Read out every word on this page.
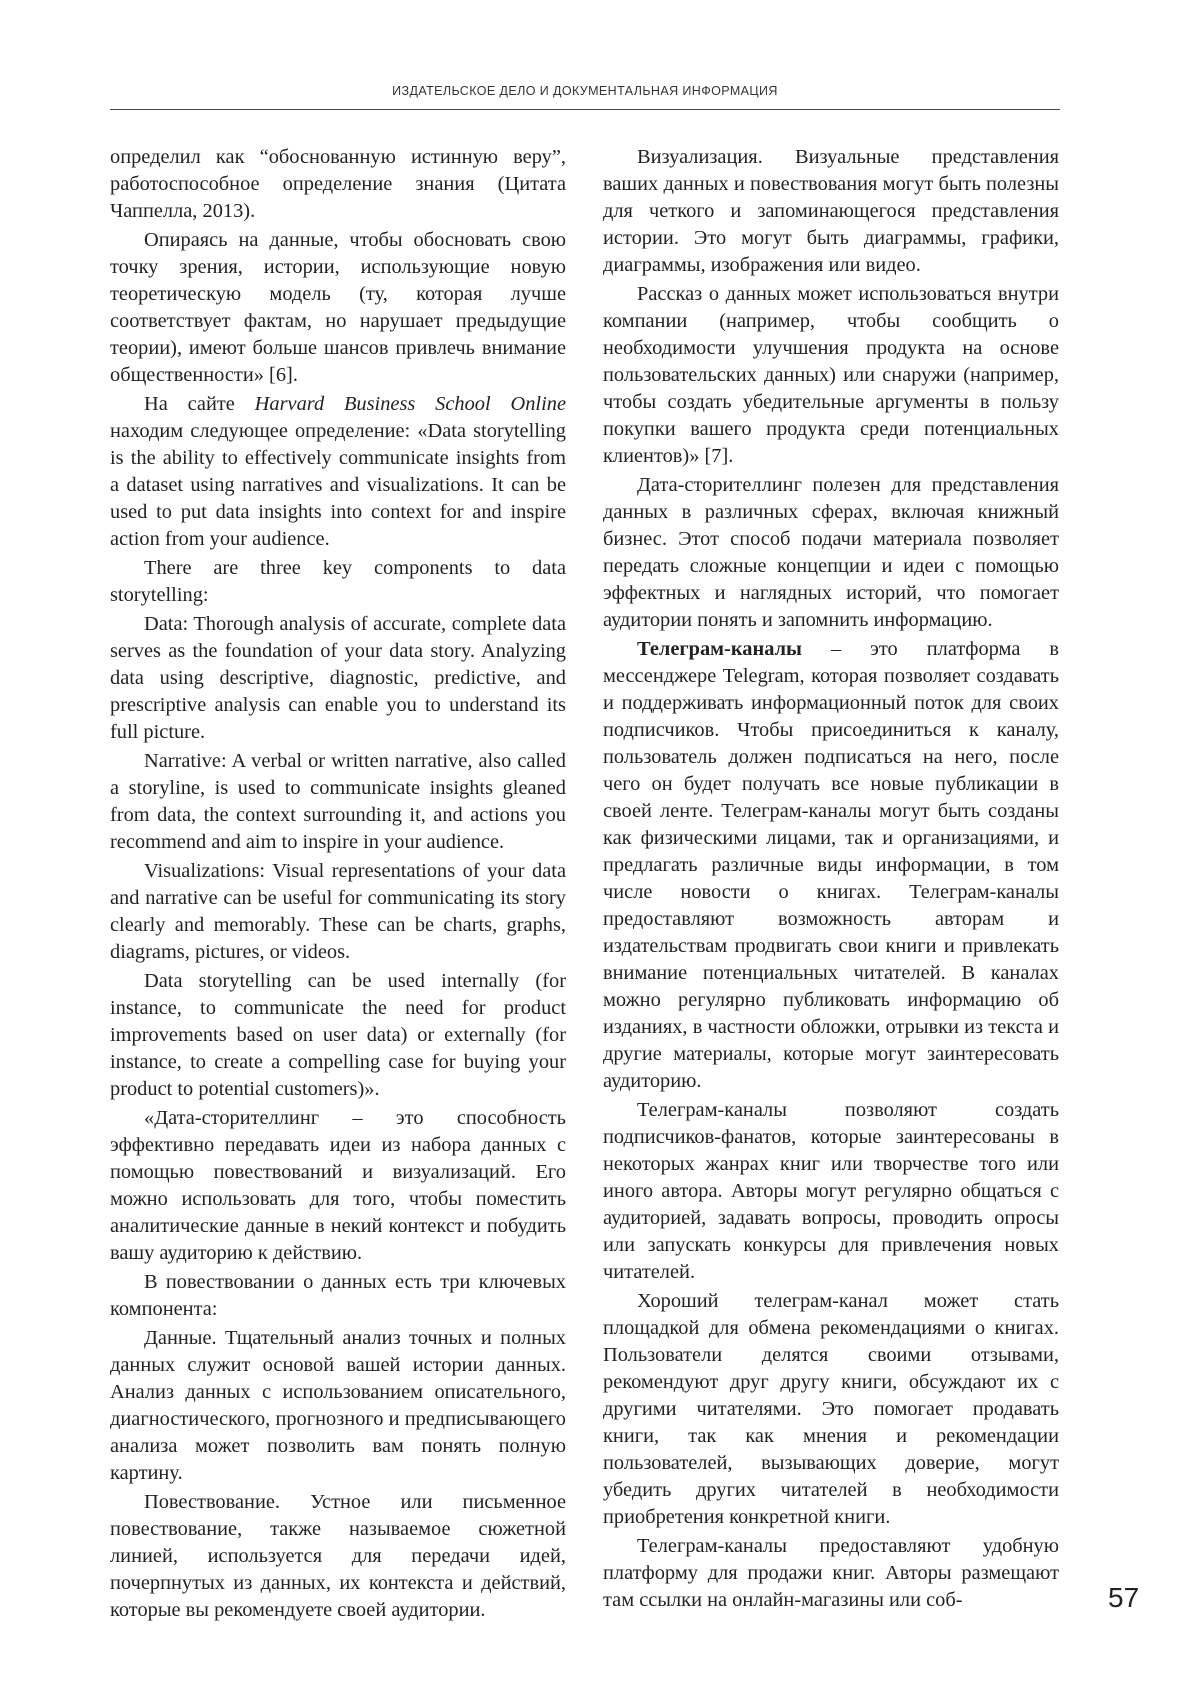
ИЗДАТЕЛЬСКОЕ ДЕЛО И ДОКУМЕНТАЛЬНАЯ ИНФОРМАЦИЯ

определил как “обоснованную истинную веру”, работоспособное определение знания (Цитата Чаппелла, 2013).

Опираясь на данные, чтобы обосновать свою точку зрения, истории, использующие новую теоретическую модель (ту, которая лучше соответствует фактам, но нарушает предыдущие теории), имеют больше шансов привлечь внимание общественности» [6].

На сайте Harvard Business School Online находим следующее определение: «Data storytelling is the ability to effectively communicate insights from a dataset using narratives and visualizations. It can be used to put data insights into context for and inspire action from your audience.

There are three key components to data storytelling:

Data: Thorough analysis of accurate, complete data serves as the foundation of your data story. Analyzing data using descriptive, diagnostic, predictive, and prescriptive analysis can enable you to understand its full picture.

Narrative: A verbal or written narrative, also called a storyline, is used to communicate insights gleaned from data, the context surrounding it, and actions you recommend and aim to inspire in your audience.

Visualizations: Visual representations of your data and narrative can be useful for communicating its story clearly and memorably. These can be charts, graphs, diagrams, pictures, or videos.

Data storytelling can be used internally (for instance, to communicate the need for product improvements based on user data) or externally (for instance, to create a compelling case for buying your product to potential customers)».

«Дата-сторителлинг – это способность эффективно передавать идеи из набора данных с помощью повествований и визуализаций. Его можно использовать для того, чтобы поместить аналитические данные в некий контекст и побудить вашу аудиторию к действию.

В повествовании о данных есть три ключевых компонента:

Данные. Тщательный анализ точных и полных данных служит основой вашей истории данных. Анализ данных с использованием описательного, диагностического, прогнозного и предписывающего анализа может позволить вам понять полную картину.

Повествование. Устное или письменное повествование, также называемое сюжетной линией, используется для передачи идей, почерпнутых из данных, их контекста и действий, которые вы рекомендуете своей аудитории.

Визуализация. Визуальные представления ваших данных и повествования могут быть полезны для четкого и запоминающегося представления истории. Это могут быть диаграммы, графики, диаграммы, изображения или видео.

Рассказ о данных может использоваться внутри компании (например, чтобы сообщить о необходимости улучшения продукта на основе пользовательских данных) или снаружи (например, чтобы создать убедительные аргументы в пользу покупки вашего продукта среди потенциальных клиентов)» [7].

Дата-сторителлинг полезен для представления данных в различных сферах, включая книжный бизнес. Этот способ подачи материала позволяет передать сложные концепции и идеи с помощью эффектных и наглядных историй, что помогает аудитории понять и запомнить информацию.

Телеграм-каналы – это платформа в мессенджере Telegram, которая позволяет создавать и поддерживать информационный поток для своих подписчиков. Чтобы присоединиться к каналу, пользователь должен подписаться на него, после чего он будет получать все новые публикации в своей ленте. Телеграм-каналы могут быть созданы как физическими лицами, так и организациями, и предлагать различные виды информации, в том числе новости о книгах. Телеграм-каналы предоставляют возможность авторам и издательствам продвигать свои книги и привлекать внимание потенциальных читателей. В каналах можно регулярно публиковать информацию об изданиях, в частности обложки, отрывки из текста и другие материалы, которые могут заинтересовать аудиторию.

Телеграм-каналы позволяют создать подписчиков-фанатов, которые заинтересованы в некоторых жанрах книг или творчестве того или иного автора. Авторы могут регулярно общаться с аудиторией, задавать вопросы, проводить опросы или запускать конкурсы для привлечения новых читателей.

Хороший телеграм-канал может стать площадкой для обмена рекомендациями о книгах. Пользователи делятся своими отзывами, рекомендуют друг другу книги, обсуждают их с другими читателями. Это помогает продавать книги, так как мнения и рекомендации пользователей, вызывающих доверие, могут убедить других читателей в необходимости приобретения конкретной книги.

Телеграм-каналы предоставляют удобную платформу для продажи книг. Авторы размещают там ссылки на онлайн-магазины или соб-	57
